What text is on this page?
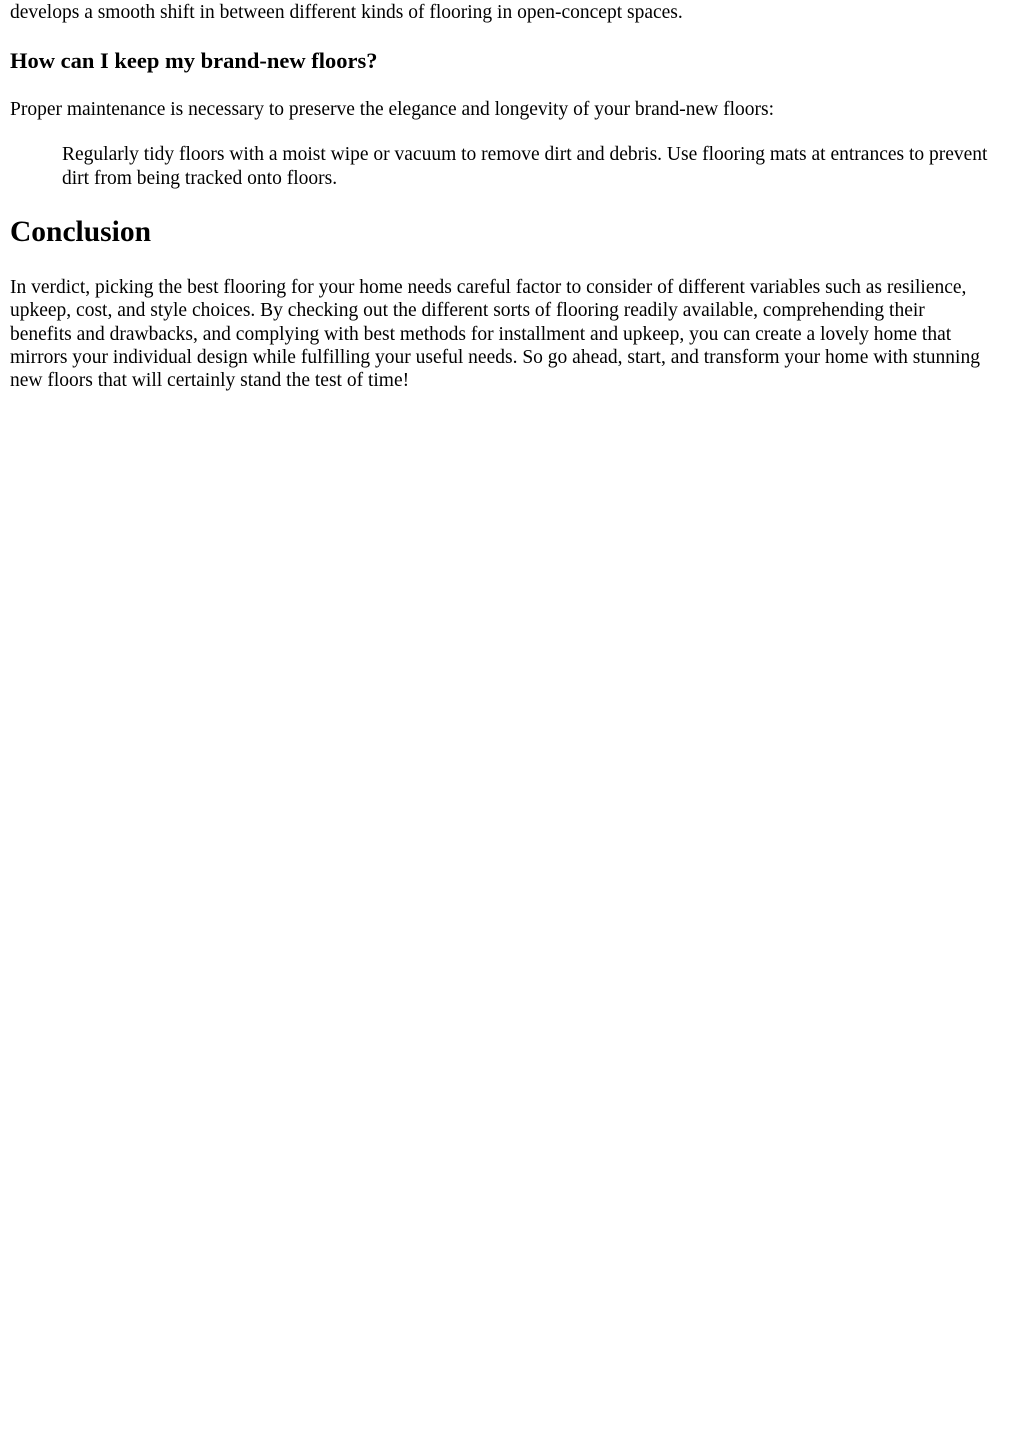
develops a smooth shift in between different kinds of flooring in open-concept spaces.

How can I keep my brand-new floors?

Proper maintenance is necessary to preserve the elegance and longevity of your brand-new floors:

Regularly tidy floors with a moist wipe or vacuum to remove dirt and debris. Use flooring mats at entrances to prevent dirt from being tracked onto floors.
Conclusion

In verdict, picking the best flooring for your home needs careful factor to consider of different variables such as resilience, upkeep, cost, and style choices. By checking out the different sorts of flooring readily available, comprehending their benefits and drawbacks, and complying with best methods for installment and upkeep, you can create a lovely home that mirrors your individual design while fulfilling your useful needs. So go ahead, start, and transform your home with stunning new floors that will certainly stand the test of time!
